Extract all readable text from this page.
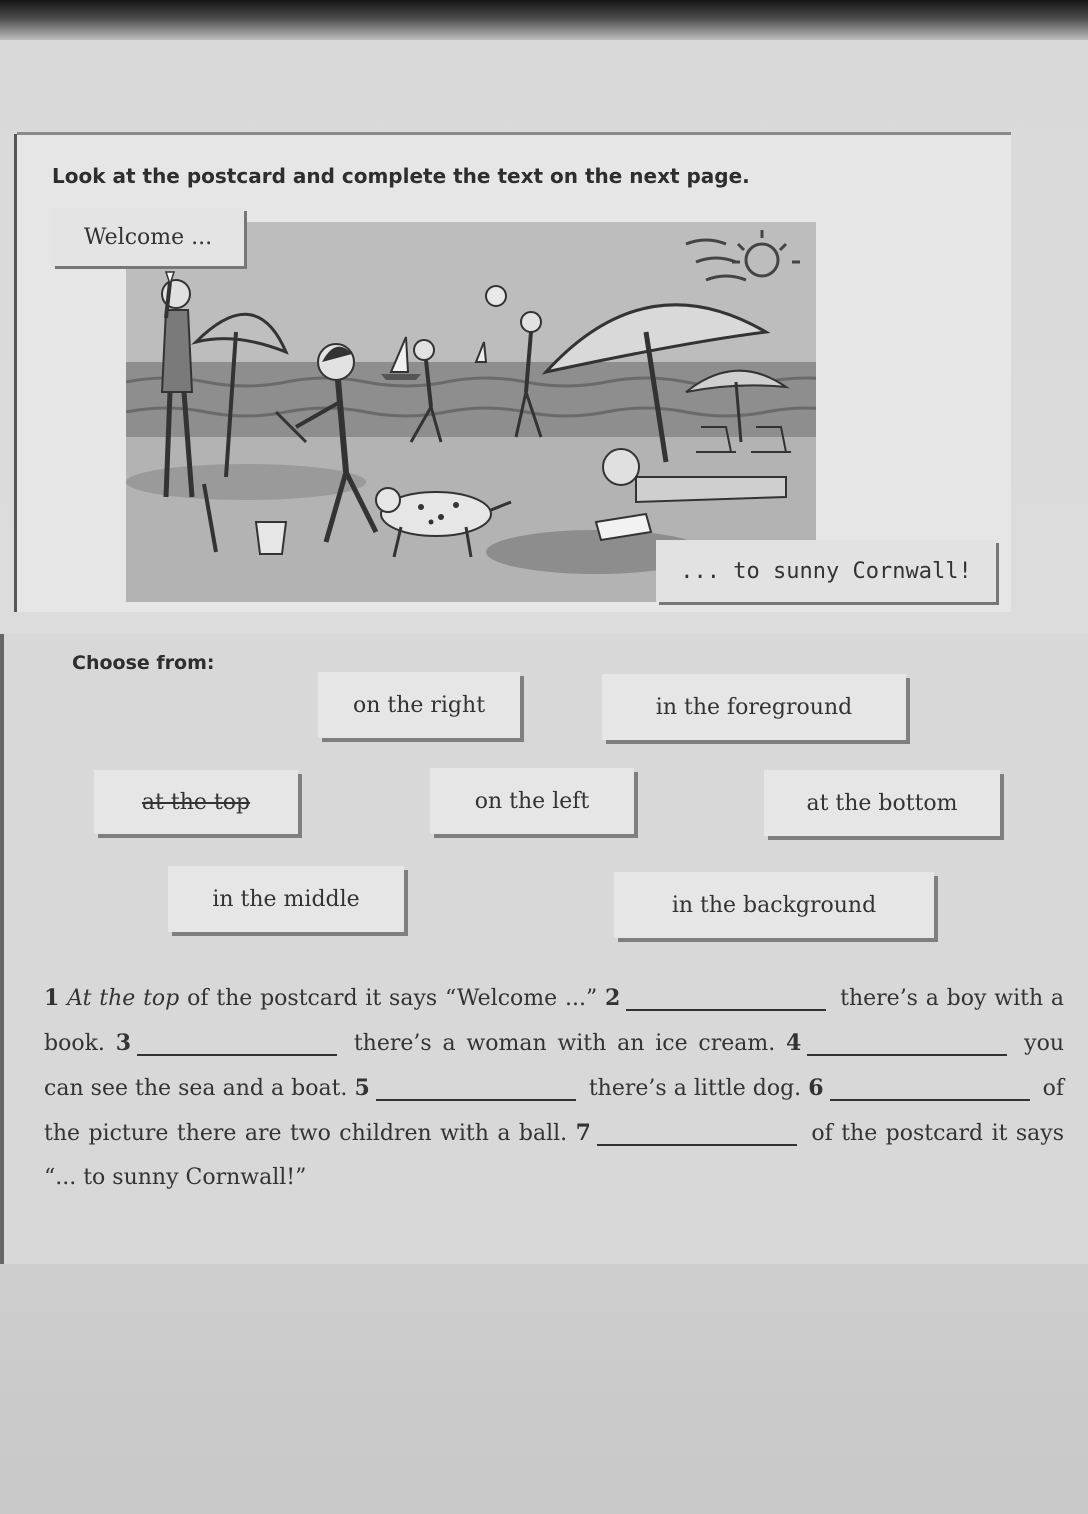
Look at the postcard and complete the text on the next page.
Welcome ...
... to sunny Cornwall!
Choose from:
on the right	in the foreground
at the top	on the left	at the bottom
in the middle	in the background
1 At the top of the postcard it says “Welcome ...” 2	there’s a boy with a book. 3	there’s a woman with an ice cream. 4	you can see the sea and a boat. 5	there’s a little dog. 6	of the picture there are two children with a ball. 7	of the postcard it says “... to sunny Cornwall!”
